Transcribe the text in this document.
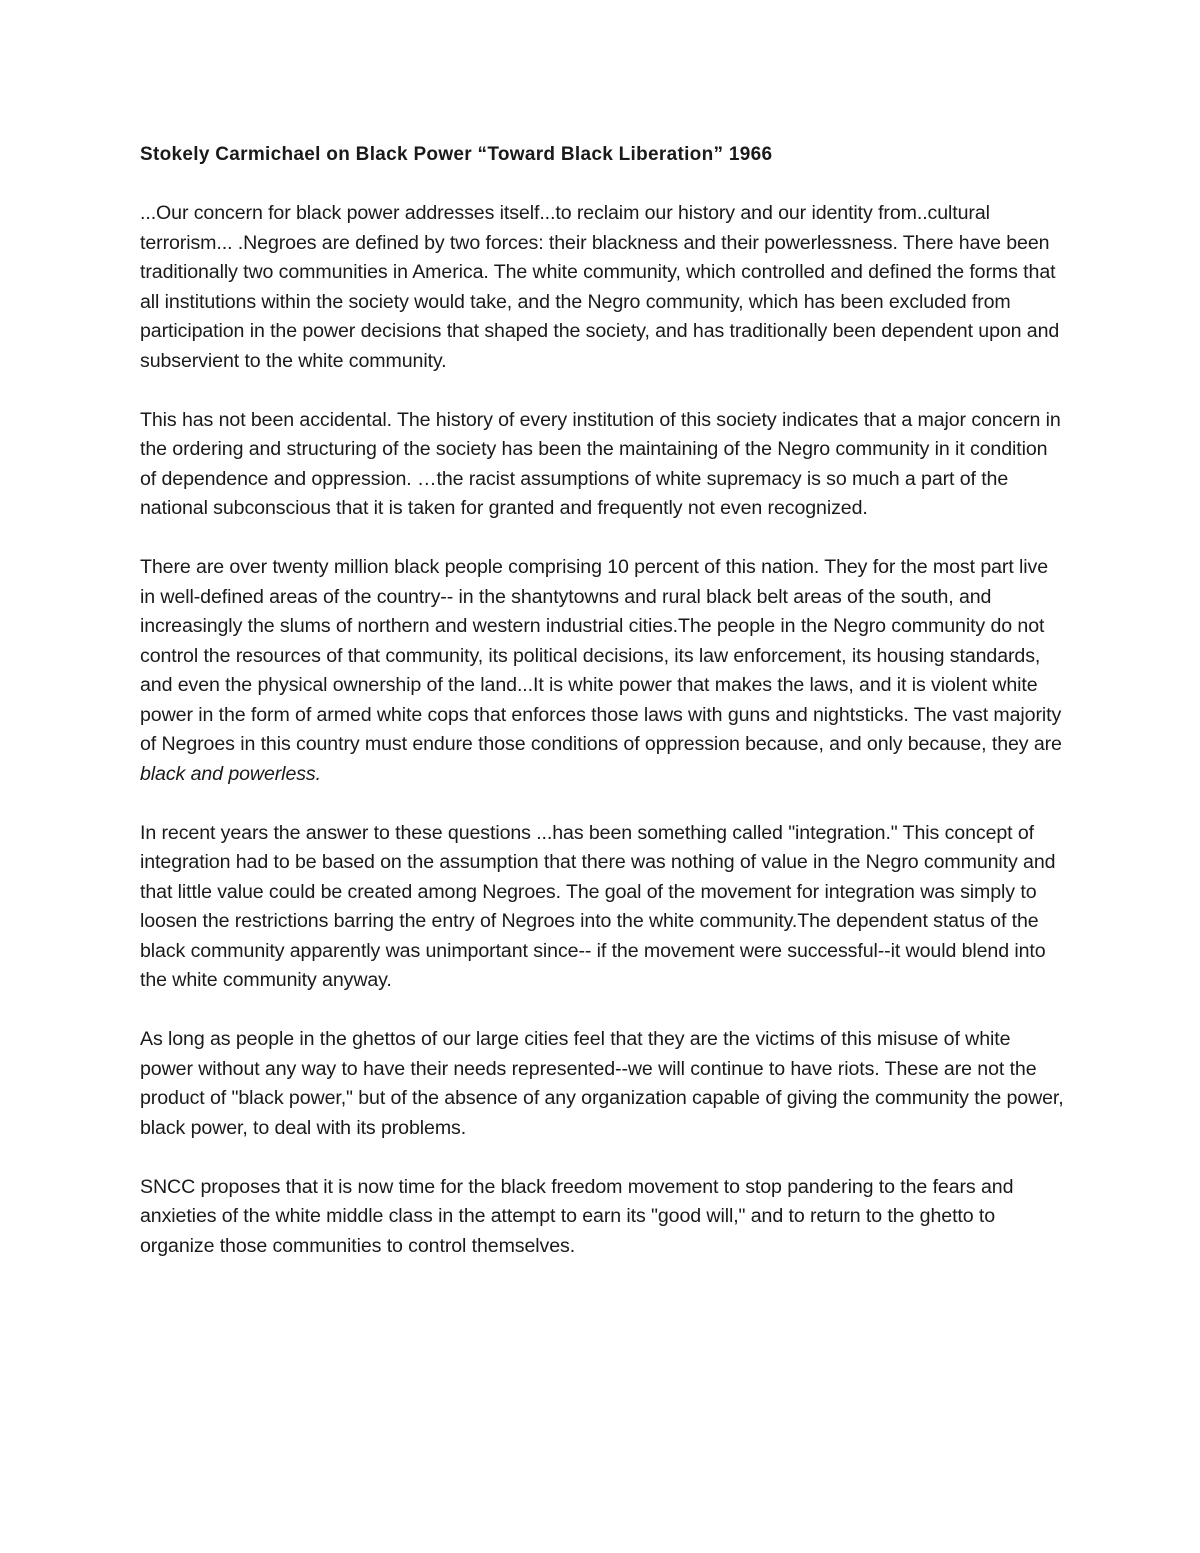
Stokely Carmichael on Black Power “Toward Black Liberation” 1966

...Our concern for black power addresses itself...to reclaim our history and our identity from..cultural terrorism... .Negroes are defined by two forces: their blackness and their powerlessness. There have been traditionally two communities in America. The white community, which controlled and defined the forms that all institutions within the society would take, and the Negro community, which has been excluded from participation in the power decisions that shaped the society, and has traditionally been dependent upon and subservient to the white community.

This has not been accidental. The history of every institution of this society indicates that a major concern in the ordering and structuring of the society has been the maintaining of the Negro community in it condition of dependence and oppression. …the racist assumptions of white supremacy is so much a part of the national subconscious that it is taken for granted and frequently not even recognized.

There are over twenty million black people comprising 10 percent of this nation. They for the most part live in well-defined areas of the country-- in the shantytowns and rural black belt areas of the south, and increasingly the slums of northern and western industrial cities.The people in the Negro community do not control the resources of that community, its political decisions, its law enforcement, its housing standards, and even the physical ownership of the land...It is white power that makes the laws, and it is violent white power in the form of armed white cops that enforces those laws with guns and nightsticks. The vast majority of Negroes in this country must endure those conditions of oppression because, and only because, they are black and powerless.

In recent years the answer to these questions ...has been something called "integration." This concept of integration had to be based on the assumption that there was nothing of value in the Negro community and that little value could be created among Negroes. The goal of the movement for integration was simply to loosen the restrictions barring the entry of Negroes into the white community.The dependent status of the black community apparently was unimportant since-- if the movement were successful--it would blend into the white community anyway.

As long as people in the ghettos of our large cities feel that they are the victims of this misuse of white power without any way to have their needs represented--we will continue to have riots. These are not the product of "black power," but of the absence of any organization capable of giving the community the power, black power, to deal with its problems.

SNCC proposes that it is now time for the black freedom movement to stop pandering to the fears and anxieties of the white middle class in the attempt to earn its "good will," and to return to the ghetto to organize those communities to control themselves.
